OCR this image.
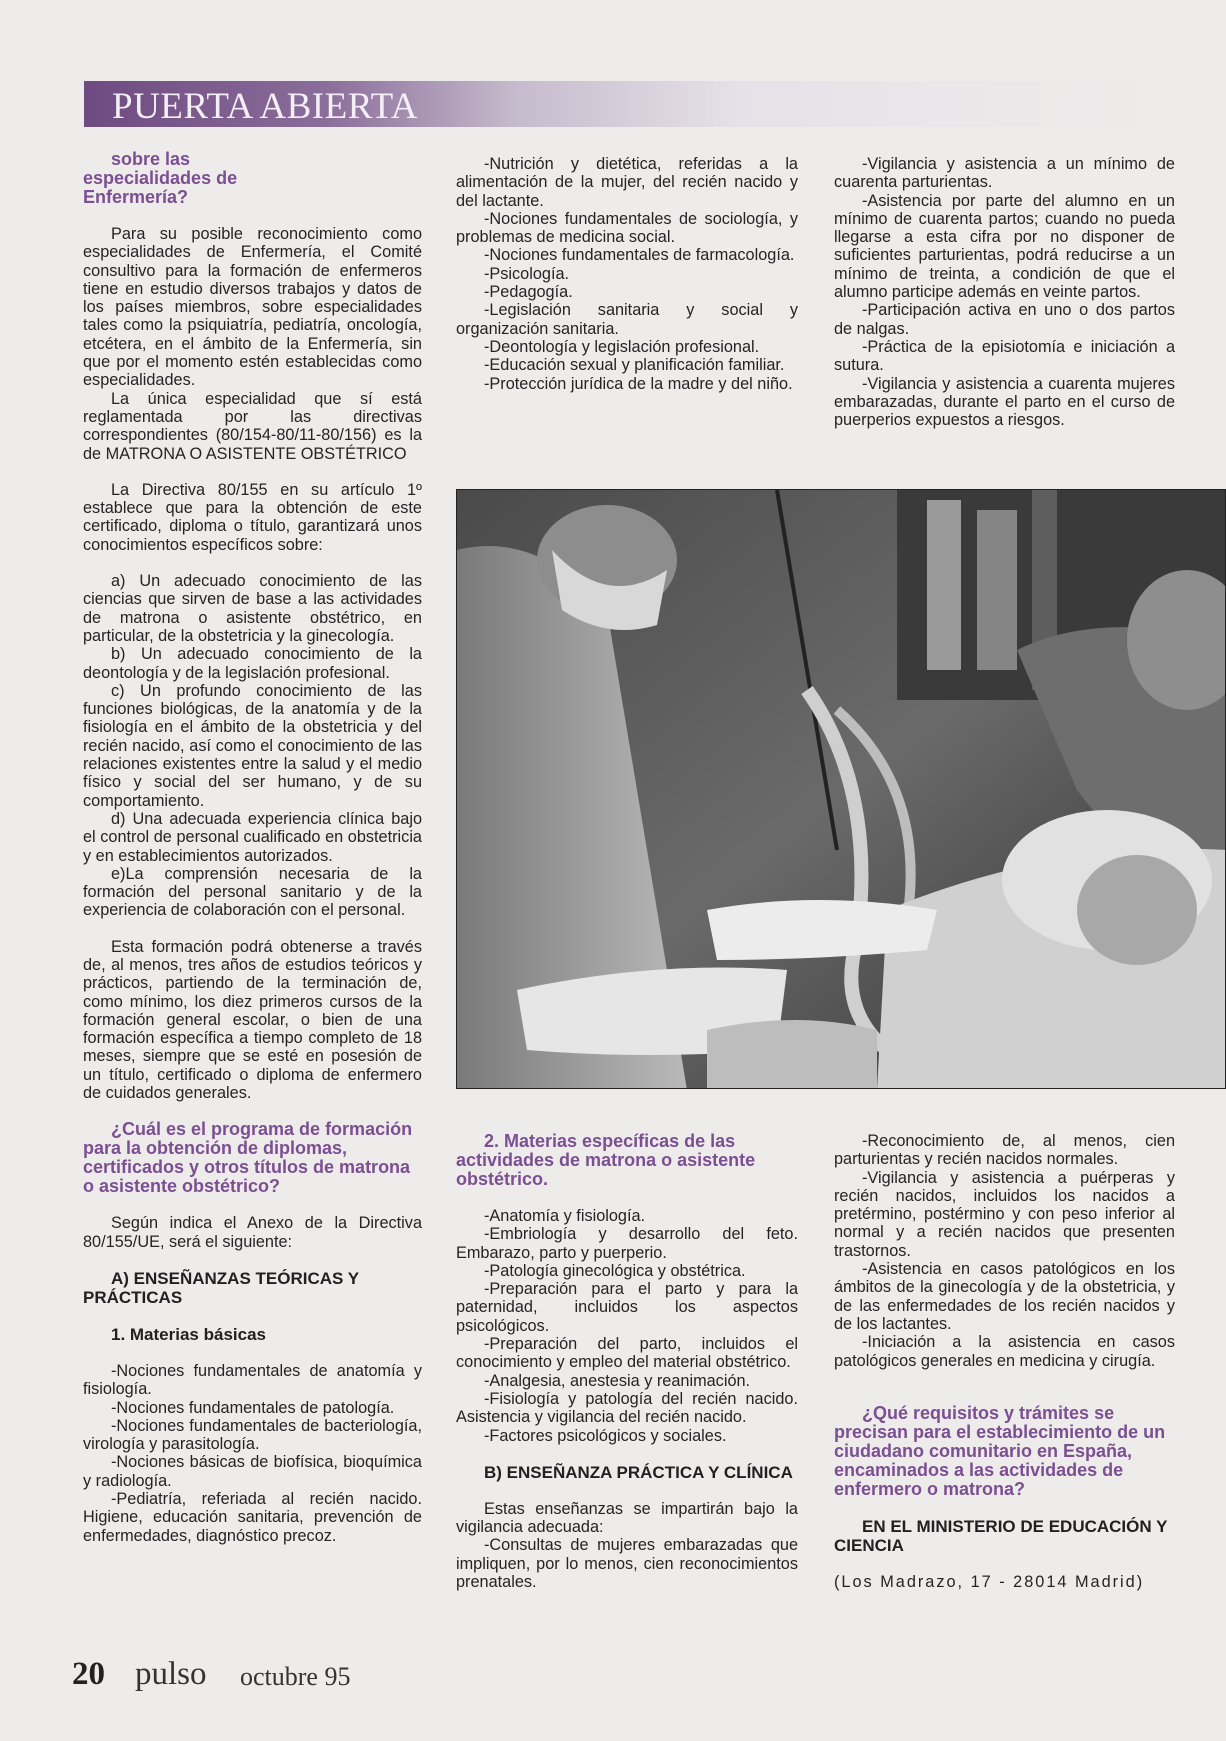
PUERTA ABIERTA

sobre las especialidades de Enfermería?

Para su posible reconocimiento como especialidades de Enfermería, el Comité consultivo para la formación de enfermeros tiene en estudio diversos trabajos y datos de los países miembros, sobre especialidades tales como la psiquiatría, pediatría, oncología, etcétera, en el ámbito de la Enfermería, sin que por el momento estén establecidas como especialidades.

La única especialidad que sí está reglamentada por las directivas correspondientes (80/154-80/11-80/156) es la de MATRONA O ASISTENTE OBSTÉTRICO

La Directiva 80/155 en su artículo 1º establece que para la obtención de este certificado, diploma o título, garantizará unos conocimientos específicos sobre:

a) Un adecuado conocimiento de las ciencias que sirven de base a las actividades de matrona o asistente obstétrico, en particular, de la obstetricia y la ginecología.

b) Un adecuado conocimiento de la deontología y de la legislación profesional.

c) Un profundo conocimiento de las funciones biológicas, de la anatomía y de la fisiología en el ámbito de la obstetricia y del recién nacido, así como el conocimiento de las relaciones existentes entre la salud y el medio físico y social del ser humano, y de su comportamiento.

d) Una adecuada experiencia clínica bajo el control de personal cualificado en obstetricia y en establecimientos autorizados.

e)La comprensión necesaria de la formación del personal sanitario y de la experiencia de colaboración con el personal.

Esta formación podrá obtenerse a través de, al menos, tres años de estudios teóricos y prácticos, partiendo de la terminación de, como mínimo, los diez primeros cursos de la formación general escolar, o bien de una formación específica a tiempo completo de 18 meses, siempre que se esté en posesión de un título, certificado o diploma de enfermero de cuidados generales.

¿Cuál es el programa de formación para la obtención de diplomas, certificados y otros títulos de matrona o asistente obstétrico?

Según indica el Anexo de la Directiva 80/155/UE, será el siguiente:

A) ENSEÑANZAS TEÓRICAS Y PRÁCTICAS

1. Materias básicas

-Nociones fundamentales de anatomía y fisiología.

-Nociones fundamentales de patología.

-Nociones fundamentales de bacteriología, virología y parasitología.

-Nociones básicas de biofísica, bioquímica y radiología.

-Pediatría, referiada al recién nacido. Higiene, educación sanitaria, prevención de enfermedades, diagnóstico precoz.

-Nutrición y dietética, referidas a la alimentación de la mujer, del recién nacido y del lactante.

-Nociones fundamentales de sociología, y problemas de medicina social.

-Nociones fundamentales de farmacología.

-Psicología.

-Pedagogía.

-Legislación sanitaria y social y organización sanitaria.

-Deontología y legislación profesional.

-Educación sexual y planificación familiar.

-Protección jurídica de la madre y del niño.

-Vigilancia y asistencia a un mínimo de cuarenta parturientas.

-Asistencia por parte del alumno en un mínimo de cuarenta partos; cuando no pueda llegarse a esta cifra por no disponer de suficientes parturientas, podrá reducirse a un mínimo de treinta, a condición de que el alumno participe además en veinte partos.

-Participación activa en uno o dos partos de nalgas.

-Práctica de la episiotomía e iniciación a sutura.

-Vigilancia y asistencia a cuarenta mujeres embarazadas, durante el parto en el curso de puerperios expuestos a riesgos.

2. Materias específicas de las actividades de matrona o asistente obstétrico.

-Anatomía y fisiología.

-Embriología y desarrollo del feto. Embarazo, parto y puerperio.

-Patología ginecológica y obstétrica.

-Preparación para el parto y para la paternidad, incluidos los aspectos psicológicos.

-Preparación del parto, incluidos el conocimiento y empleo del material obstétrico.

-Analgesia, anestesia y reanimación.

-Fisiología y patología del recién nacido. Asistencia y vigilancia del recién nacido.

-Factores psicológicos y sociales.

B) ENSEÑANZA PRÁCTICA Y CLÍNICA

Estas enseñanzas se impartirán bajo la vigilancia adecuada:

-Consultas de mujeres embarazadas que impliquen, por lo menos, cien reconocimientos prenatales.

-Reconocimiento de, al menos, cien parturientas y recién nacidos normales.

-Vigilancia y asistencia a puérperas y recién nacidos, incluidos los nacidos a pretérmino, postérmino y con peso inferior al normal y a recién nacidos que presenten trastornos.

-Asistencia en casos patológicos en los ámbitos de la ginecología y de la obstetricia, y de las enfermedades de los recién nacidos y de los lactantes.

-Iniciación a la asistencia en casos patológicos generales en medicina y cirugía.

¿Qué requisitos y trámites se precisan para el establecimiento de un ciudadano comunitario en España, encaminados a las actividades de enfermero o matrona?

EN EL MINISTERIO DE EDUCACIÓN Y CIENCIA

(Los Madrazo, 17 - 28014 Madrid)

20 pulso octubre 95
